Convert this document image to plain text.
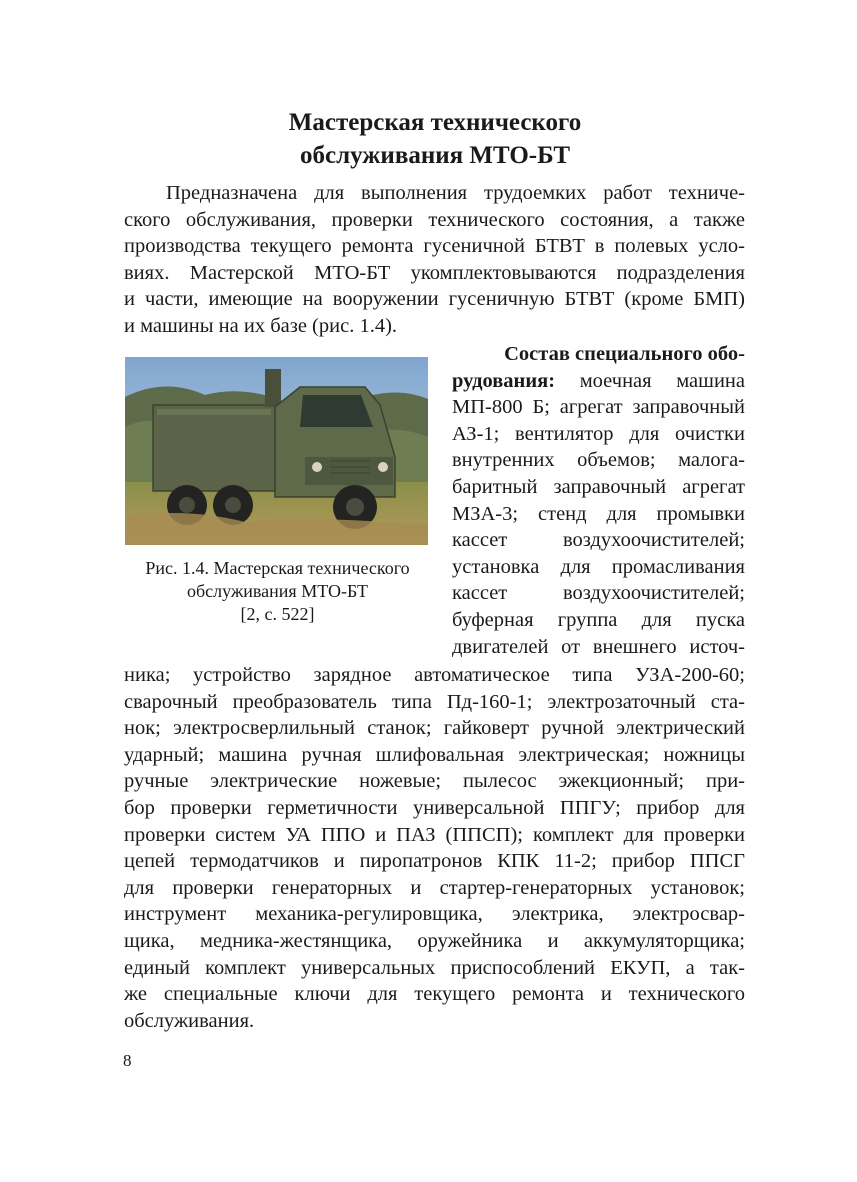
Мастерская технического
обслуживания МТО-БТ
Предназначена для выполнения трудоемких работ техниче-
ского обслуживания, проверки технического состояния, а также
производства текущего ремонта гусеничной БТВТ в полевых усло-
виях. Мастерской МТО-БТ укомплектовываются подразделения
и части, имеющие на вооружении гусеничную БТВТ (кроме БМП)
и машины на их базе (рис. 1.4).
Рис. 1.4. Мастерская технического
обслуживания МТО-БТ
[2, с. 522]
Состав специального обо-
рудования: моечная машина
МП-800 Б; агрегат заправочный
АЗ-1; вентилятор для очистки
внутренних объемов; малога-
баритный заправочный агрегат
МЗА-3; стенд для промывки
кассет воздухоочистителей;
установка для промасливания
кассет воздухоочистителей;
буферная группа для пуска
двигателей от внешнего источ-
ника; устройство зарядное автоматическое типа УЗА-200-60;
сварочный преобразователь типа Пд-160-1; электрозаточный ста-
нок; электросверлильный станок; гайковерт ручной электрический
ударный; машина ручная шлифовальная электрическая; ножницы
ручные электрические ножевые; пылесос эжекционный; при-
бор проверки герметичности универсальной ППГУ; прибор для
проверки систем УА ППО и ПАЗ (ППСП); комплект для проверки
цепей термодатчиков и пиропатронов КПК 11-2; прибор ППСГ
для проверки генераторных и стартер-генераторных установок;
инструмент механика-регулировщика, электрика, электросвар-
щика, медника-жестянщика, оружейника и аккумуляторщика;
единый комплект универсальных приспособлений ЕКУП, а так-
же специальные ключи для текущего ремонта и технического
обслуживания.
8
